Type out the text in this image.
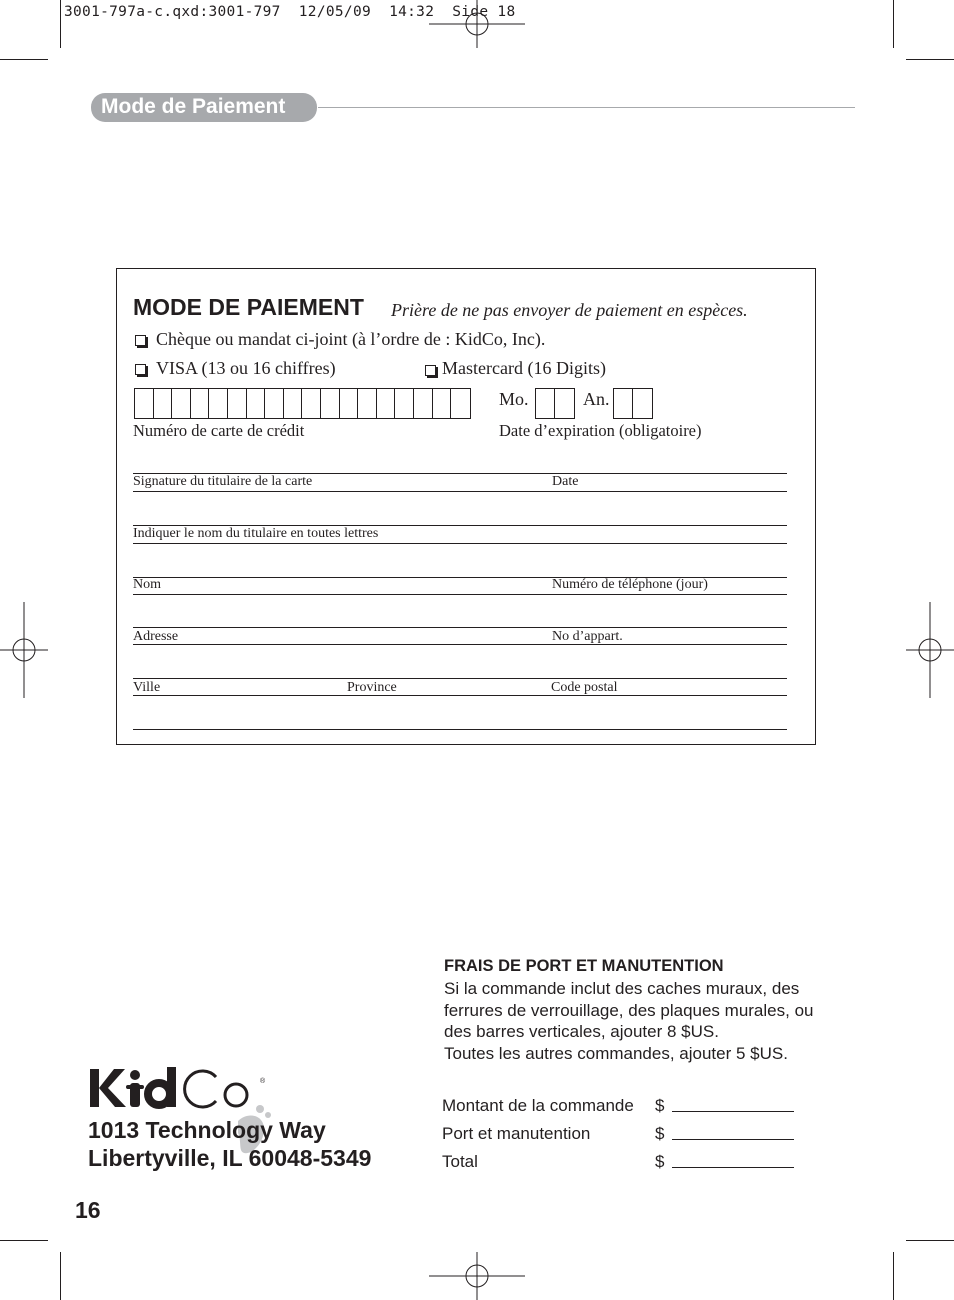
3001-797a-c.qxd:3001-797  12/05/09  14:32  Side 18
Mode de Paiement
MODE DE PAIEMENT Prière de ne pas envoyer de paiement en espèces.
Chèque ou mandat ci-joint (à l’ordre de : KidCo, Inc).
VISA (13 ou 16 chiffres)	Mastercard (16 Digits)
Mo.	An.
Numéro de carte de crédit	Date d’expiration (obligatoire)
Signature du titulaire de la carte	Date
Indiquer le nom du titulaire en toutes lettres
Nom	Numéro de téléphone (jour)
Adresse	No d’appart.
Ville	Province	Code postal
FRAIS DE PORT ET MANUTENTION
Si la commande inclut des caches muraux, des
ferrures de verrouillage, des plaques murales, ou
des barres verticales, ajouter 8 $US.
Toutes les autres commandes, ajouter 5 $US.
Montant de la commande $
Port et manutention	$
Total	$
®
1013 Technology Way
Libertyville, IL 60048-5349
16
